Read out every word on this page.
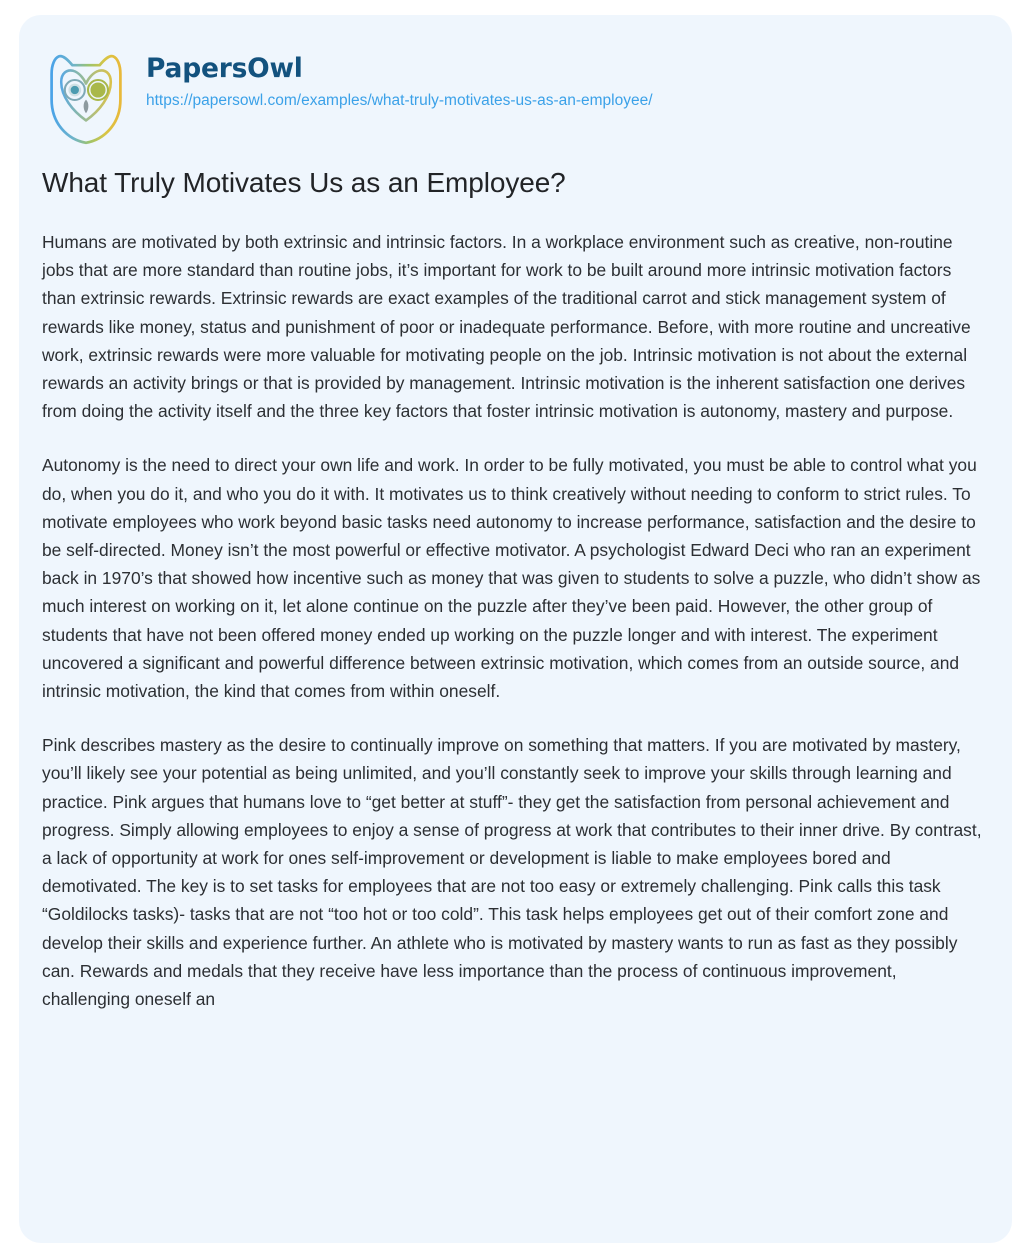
PapersOwl
https://papersowl.com/examples/what-truly-motivates-us-as-an-employee/
What Truly Motivates Us as an Employee?

Humans are motivated by both extrinsic and intrinsic factors. In a workplace environment such as creative, non-routine jobs that are more standard than routine jobs, it’s important for work to be built around more intrinsic motivation factors than extrinsic rewards. Extrinsic rewards are exact examples of the traditional carrot and stick management system of rewards like money, status and punishment of poor or inadequate performance. Before, with more routine and uncreative work, extrinsic rewards were more valuable for motivating people on the job. Intrinsic motivation is not about the external rewards an activity brings or that is provided by management. Intrinsic motivation is the inherent satisfaction one derives from doing the activity itself and the three key factors that foster intrinsic motivation is autonomy, mastery and purpose.

Autonomy is the need to direct your own life and work. In order to be fully motivated, you must be able to control what you do, when you do it, and who you do it with. It motivates us to think creatively without needing to conform to strict rules. To motivate employees who work beyond basic tasks need autonomy to increase performance, satisfaction and the desire to be self-directed. Money isn’t the most powerful or effective motivator. A psychologist Edward Deci who ran an experiment back in 1970’s that showed how incentive such as money that was given to students to solve a puzzle, who didn’t show as much interest on working on it, let alone continue on the puzzle after they’ve been paid. However, the other group of students that have not been offered money ended up working on the puzzle longer and with interest. The experiment uncovered a significant and powerful difference between extrinsic motivation, which comes from an outside source, and intrinsic motivation, the kind that comes from within oneself.

Pink describes mastery as the desire to continually improve on something that matters. If you are motivated by mastery, you’ll likely see your potential as being unlimited, and you’ll constantly seek to improve your skills through learning and practice. Pink argues that humans love to “get better at stuff”- they get the satisfaction from personal achievement and progress. Simply allowing employees to enjoy a sense of progress at work that contributes to their inner drive. By contrast, a lack of opportunity at work for ones self-improvement or development is liable to make employees bored and demotivated. The key is to set tasks for employees that are not too easy or extremely challenging. Pink calls this task “Goldilocks tasks)- tasks that are not “too hot or too cold”. This task helps employees get out of their comfort zone and develop their skills and experience further. An athlete who is motivated by mastery wants to run as fast as they possibly can. Rewards and medals that they receive have less importance than the process of continuous improvement, challenging oneself an
